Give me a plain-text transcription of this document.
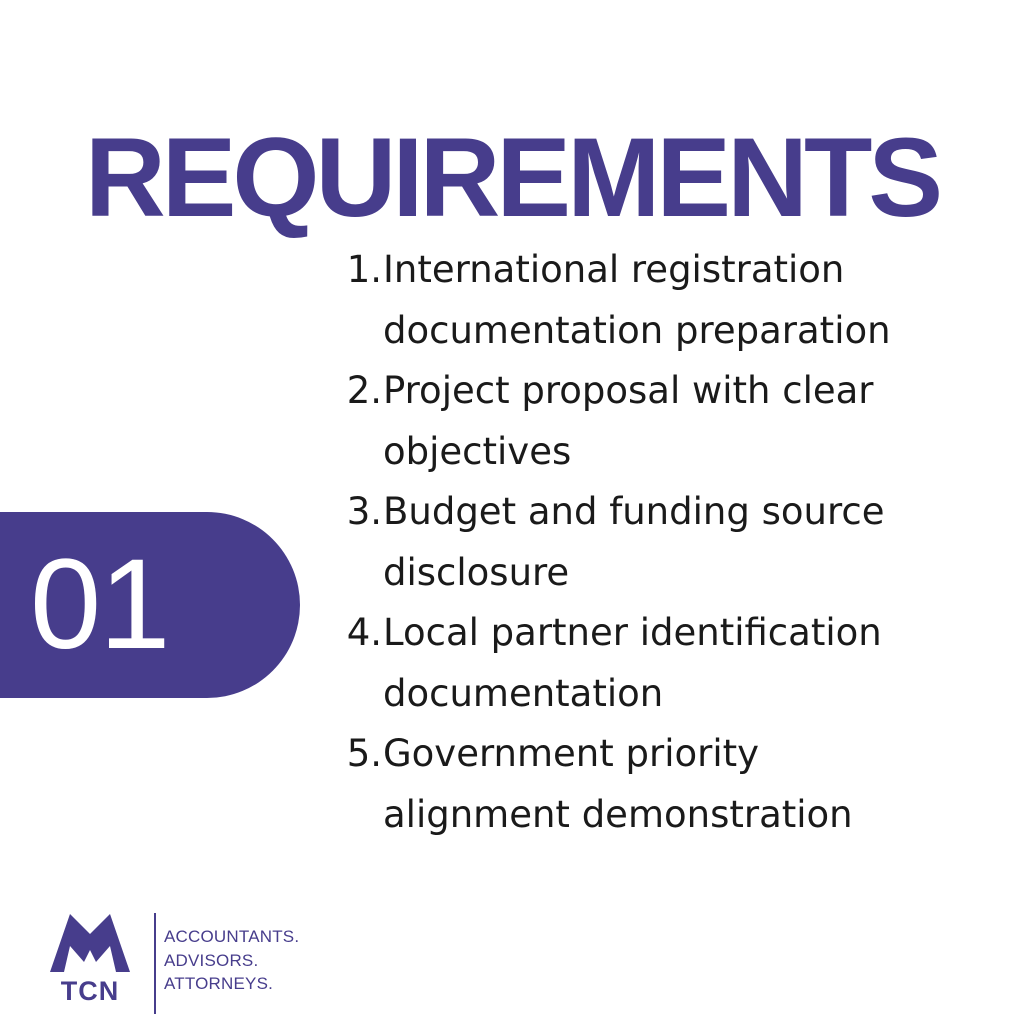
REQUIREMENTS
01
1. International registration
documentation preparation
2. Project proposal with clear
objectives
3. Budget and funding source
disclosure
4. Local partner identification
documentation
5. Government priority
alignment demonstration
TCN
ACCOUNTANTS.
ADVISORS.
ATTORNEYS.
